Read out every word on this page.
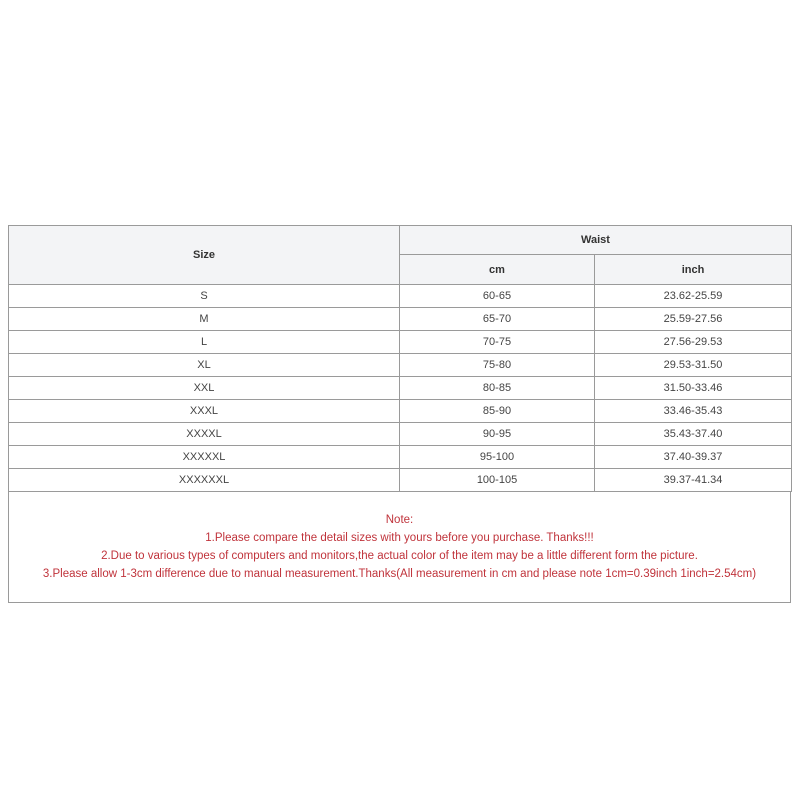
Size	Waist	
	cm	inch
S	60-65	23.62-25.59
M	65-70	25.59-27.56
L	70-75	27.56-29.53
XL	75-80	29.53-31.50
XXL	80-85	31.50-33.46
XXXL	85-90	33.46-35.43
XXXXL	90-95	35.43-37.40
XXXXXL	95-100	37.40-39.37
XXXXXXL	100-105	39.37-41.34
Note:
1.Please compare the detail sizes with yours before you purchase. Thanks!!!
2.Due to various types of computers and monitors,the actual color of the item may be a little different form the picture.
3.Please allow 1-3cm difference due to manual measurement.Thanks(All measurement in cm and please note 1cm=0.39inch 1inch=2.54cm)
